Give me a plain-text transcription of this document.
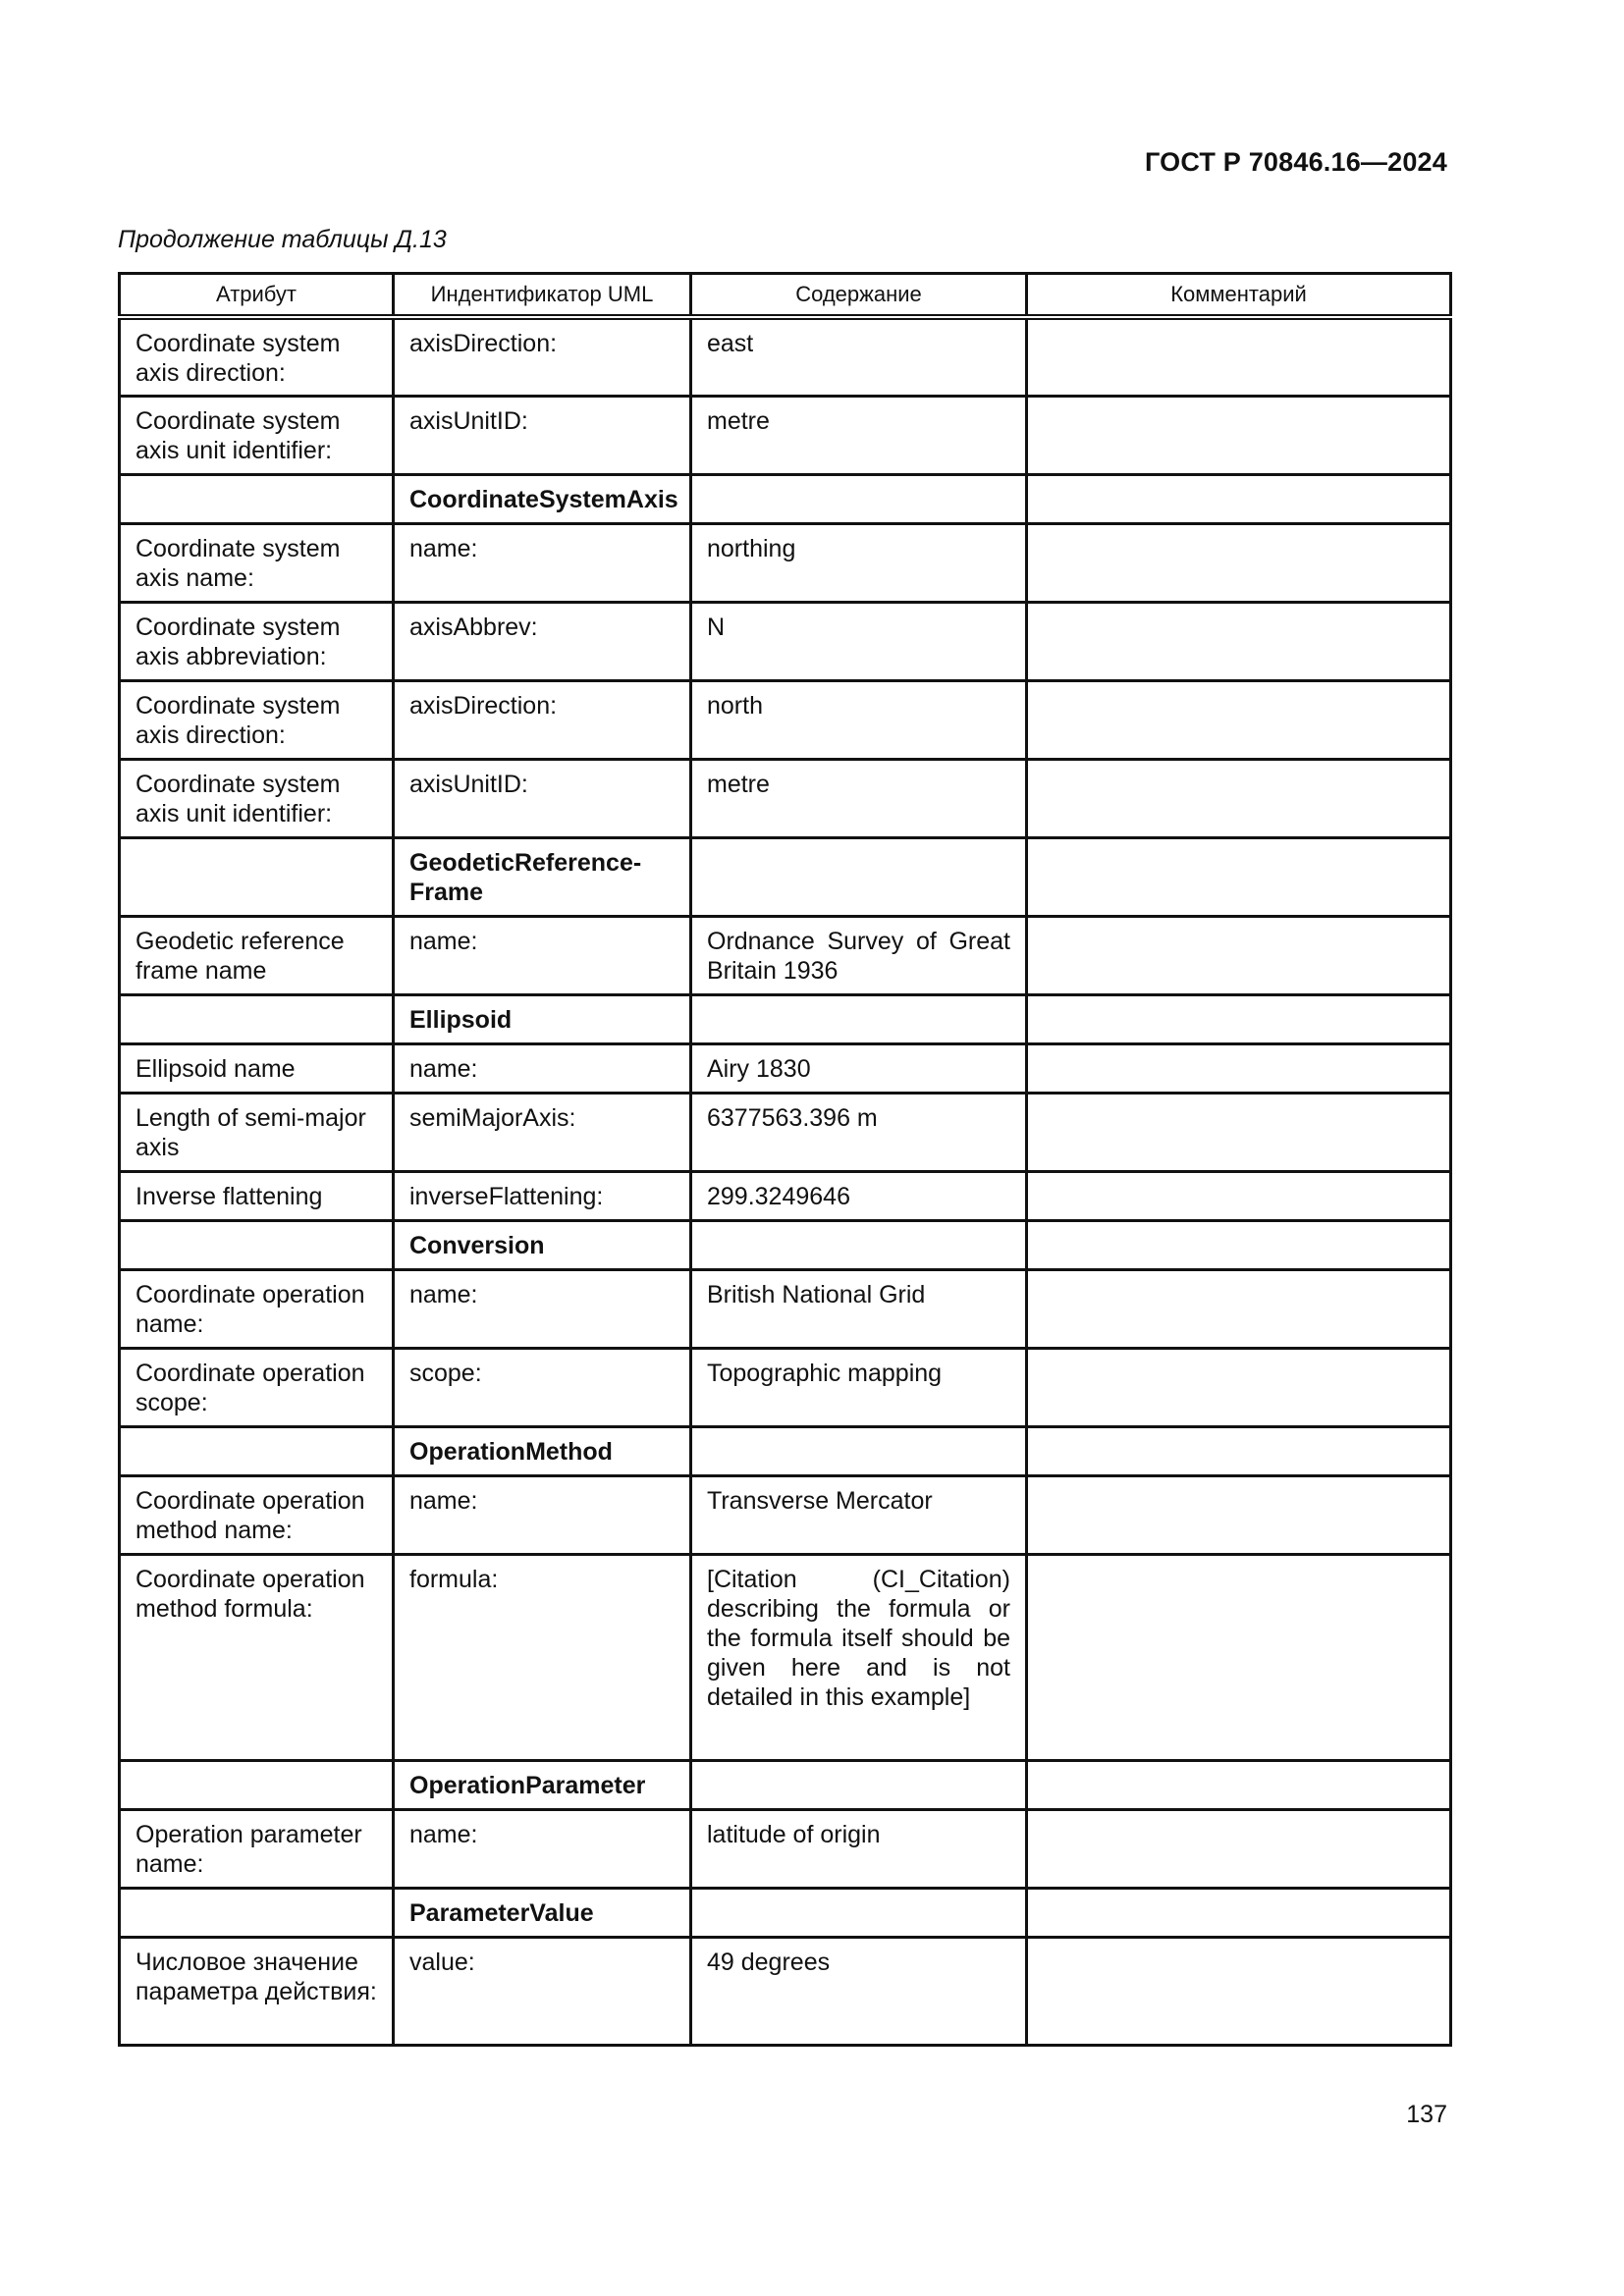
ГОСТ Р 70846.16—2024
Продолжение таблицы Д.13
Атрибут	Индентификатор UML	Содержание	Комментарий
Coordinate system axis direction:	axisDirection:	east	
Coordinate system axis unit identifier:	axisUnitID:	metre	
	CoordinateSystemAxis		
Coordinate system axis name:	name:	northing	
Coordinate system axis abbreviation:	axisAbbrev:	N	
Coordinate system axis direction:	axisDirection:	north	
Coordinate system axis unit identifier:	axisUnitID:	metre	
	GeodeticReference-Frame		
Geodetic reference frame name	name:	Ordnance Survey of Great Britain 1936	
	Ellipsoid		
Ellipsoid name	name:	Airy 1830	
Length of semi-major axis	semiMajorAxis:	6377563.396 m	
Inverse flattening	inverseFlattening:	299.3249646	
	Conversion		
Coordinate operation name:	name:	British National Grid	
Coordinate operation scope:	scope:	Topographic mapping	
	OperationMethod		
Coordinate operation method name:	name:	Transverse Mercator	
Coordinate operation method formula:	formula:	[Citation (CI_Citation) describing the formula or the formula itself should be given here and is not detailed in this example]	
	OperationParameter		
Operation parameter name:	name:	latitude of origin	
	ParameterValue		
Числовое значение параметра действия:	value:	49 degrees	
137
